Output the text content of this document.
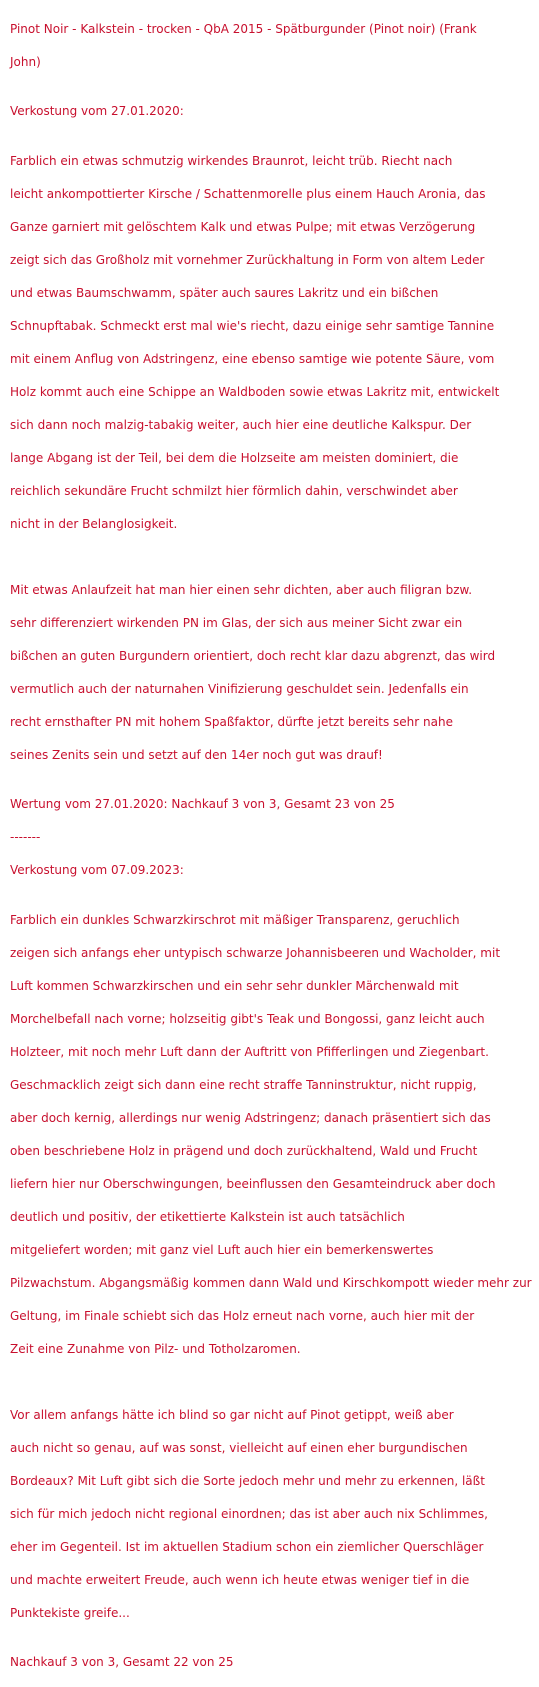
Pinot Noir - Kalkstein - trocken - QbA 2015 - Spätburgunder (Pinot noir) (Frank

John)

Verkostung vom 27.01.2020:

Farblich ein etwas schmutzig wirkendes Braunrot, leicht trüb. Riecht nach

leicht ankompottierter Kirsche / Schattenmorelle plus einem Hauch Aronia, das

Ganze garniert mit gelöschtem Kalk und etwas Pulpe; mit etwas Verzögerung

zeigt sich das Großholz mit vornehmer Zurückhaltung in Form von altem Leder

und etwas Baumschwamm, später auch saures Lakritz und ein bißchen

Schnupftabak. Schmeckt erst mal wie's riecht, dazu einige sehr samtige Tannine

mit einem Anflug von Adstringenz, eine ebenso samtige wie potente Säure, vom

Holz kommt auch eine Schippe an Waldboden sowie etwas Lakritz mit, entwickelt

sich dann noch malzig-tabakig weiter, auch hier eine deutliche Kalkspur. Der

lange Abgang ist der Teil, bei dem die Holzseite am meisten dominiert, die

reichlich sekundäre Frucht schmilzt hier förmlich dahin, verschwindet aber

nicht in der Belanglosigkeit.

Mit etwas Anlaufzeit hat man hier einen sehr dichten, aber auch filigran bzw.

sehr differenziert wirkenden PN im Glas, der sich aus meiner Sicht zwar ein

bißchen an guten Burgundern orientiert, doch recht klar dazu abgrenzt, das wird

vermutlich auch der naturnahen Vinifizierung geschuldet sein. Jedenfalls ein

recht ernsthafter PN mit hohem Spaßfaktor, dürfte jetzt bereits sehr nahe

seines Zenits sein und setzt auf den 14er noch gut was drauf!

Wertung vom 27.01.2020: Nachkauf 3 von 3, Gesamt 23 von 25
-------
Verkostung vom 07.09.2023:

Farblich ein dunkles Schwarzkirschrot mit mäßiger Transparenz, geruchlich

zeigen sich anfangs eher untypisch schwarze Johannisbeeren und Wacholder, mit

Luft kommen Schwarzkirschen und ein sehr sehr dunkler Märchenwald mit

Morchelbefall nach vorne; holzseitig gibt's Teak und Bongossi, ganz leicht auch

Holzteer, mit noch mehr Luft dann der Auftritt von Pfifferlingen und Ziegenbart.

Geschmacklich zeigt sich dann eine recht straffe Tanninstruktur, nicht ruppig,

aber doch kernig, allerdings nur wenig Adstringenz; danach präsentiert sich das

oben beschriebene Holz in prägend und doch zurückhaltend, Wald und Frucht

liefern hier nur Oberschwingungen, beeinflussen den Gesamteindruck aber doch

deutlich und positiv, der etikettierte Kalkstein ist auch tatsächlich

mitgeliefert worden; mit ganz viel Luft auch hier ein bemerkenswertes

Pilzwachstum. Abgangsmäßig kommen dann Wald und Kirschkompott wieder mehr zur

Geltung, im Finale schiebt sich das Holz erneut nach vorne, auch hier mit der

Zeit eine Zunahme von Pilz- und Totholzaromen.

Vor allem anfangs hätte ich blind so gar nicht auf Pinot getippt, weiß aber

auch nicht so genau, auf was sonst, vielleicht auf einen eher burgundischen

Bordeaux? Mit Luft gibt sich die Sorte jedoch mehr und mehr zu erkennen, läßt

sich für mich jedoch nicht regional einordnen; das ist aber auch nix Schlimmes,

eher im Gegenteil. Ist im aktuellen Stadium schon ein ziemlicher Querschläger

und machte erweitert Freude, auch wenn ich heute etwas weniger tief in die

Punktekiste greife...

Nachkauf 3 von 3, Gesamt 22 von 25
